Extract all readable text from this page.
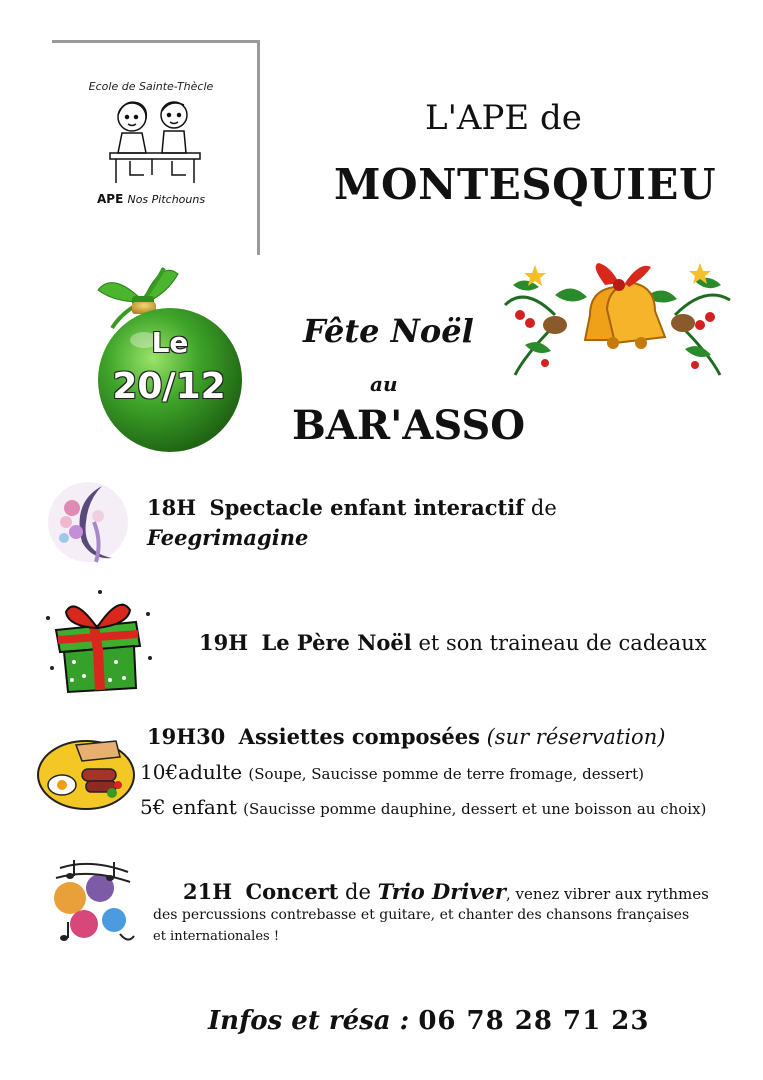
Ecole de Sainte-Thècle
APE Nos Pitchouns
L'APE de
MONTESQUIEU
Le
20/12
Fête Noël
au
BAR'ASSO
18H Spectacle enfant interactif de
Feegrimagine
19H Le Père Noël et son traineau de cadeaux
19H30 Assiettes composées (sur réservation)
10€adulte (Soupe, Saucisse pomme de terre fromage, dessert)
5€ enfant (Saucisse pomme dauphine, dessert et une boisson au choix)
21H Concert de Trio Driver, venez vibrer aux rythmes
des percussions contrebasse et guitare, et chanter des chansons françaises
et internationales !
Infos et résa : 06 78 28 71 23
